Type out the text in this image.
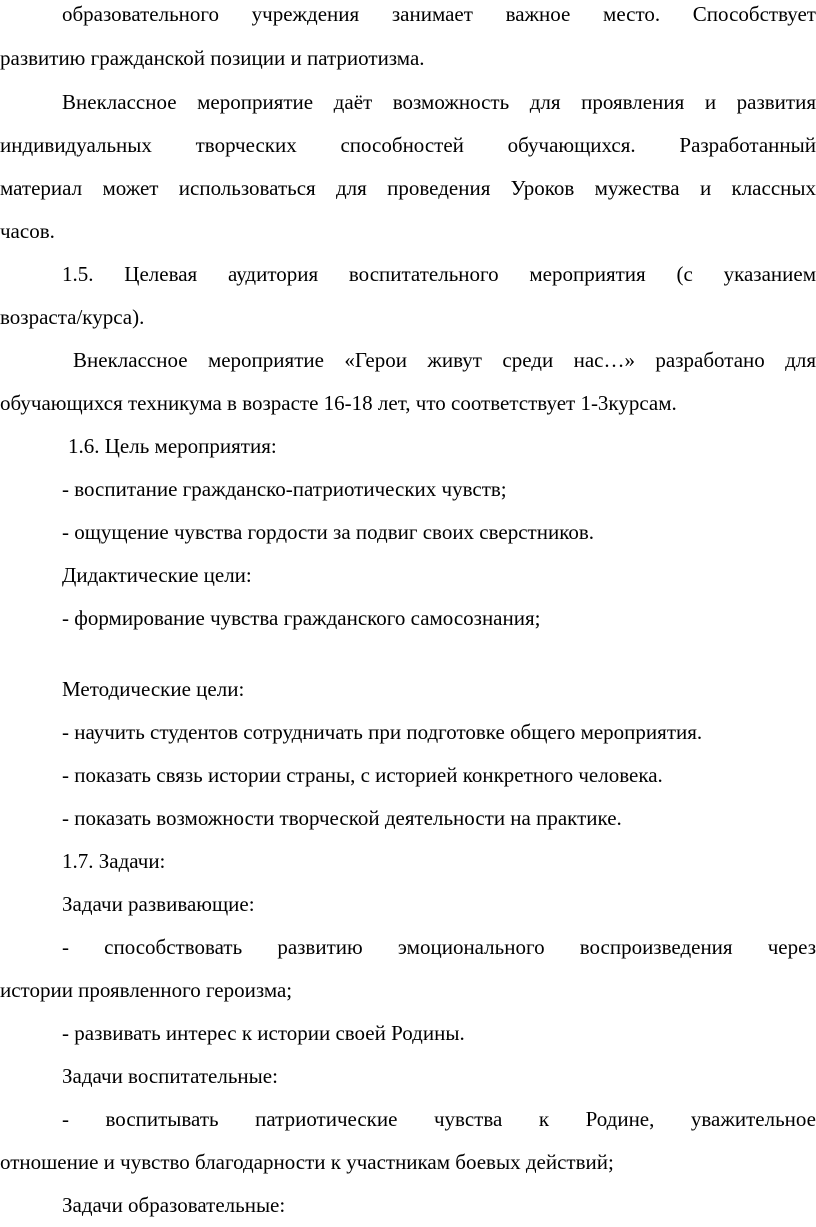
образовательного учреждения занимает важное место. Способствует
развитию гражданской позиции и патриотизма.
Внеклассное мероприятие даёт возможность для проявления и развития
индивидуальных творческих способностей обучающихся. Разработанный
материал может использоваться для проведения Уроков мужества и классных
часов.
1.5. Целевая аудитория воспитательного мероприятия (с указанием
возраста/курса).
Внеклассное мероприятие «Герои живут среди нас…» разработано для
обучающихся техникума в возрасте 16-18 лет, что соответствует 1-3курсам.
1.6. Цель мероприятия:
- воспитание гражданско-патриотических чувств;
- ощущение чувства гордости за подвиг своих сверстников.
Дидактические цели:
- формирование чувства гражданского самосознания;
Методические цели:
- научить студентов сотрудничать при подготовке общего мероприятия.
- показать связь истории страны, с историей конкретного человека.
- показать возможности творческой деятельности на практике.
1.7. Задачи:
Задачи развивающие:
- способствовать развитию эмоционального воспроизведения через
истории проявленного героизма;
- развивать интерес к истории своей Родины.
Задачи воспитательные:
- воспитывать патриотические чувства к Родине, уважительное
отношение и чувство благодарности к участникам боевых действий;
Задачи образовательные:
